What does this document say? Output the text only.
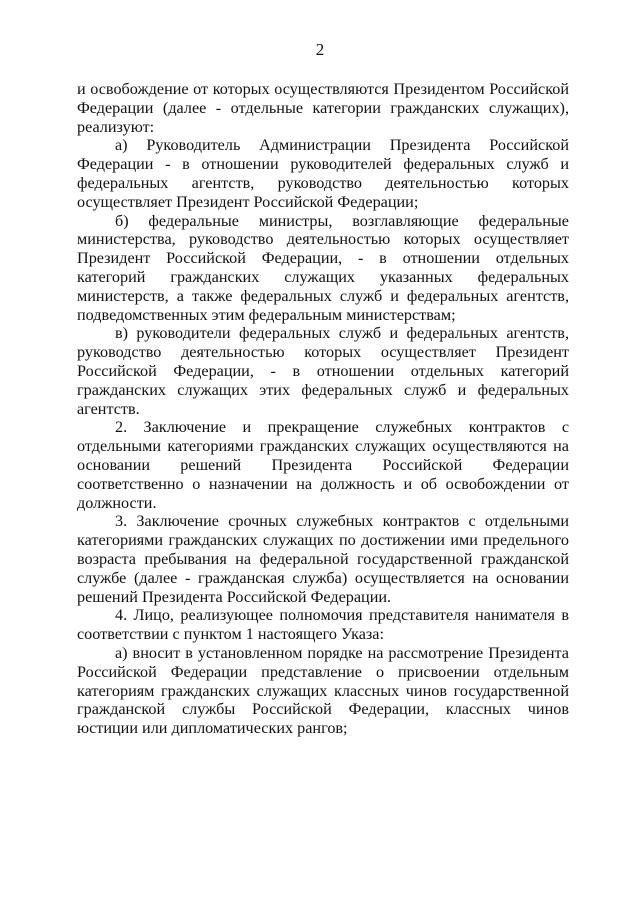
2

и освобождение от которых осуществляются Президентом Российской Федерации (далее - отдельные категории гражданских служащих), реализуют:

а) Руководитель Администрации Президента Российской Федерации - в отношении руководителей федеральных служб и федеральных агентств, руководство деятельностью которых осуществляет Президент Российской Федерации;

б) федеральные министры, возглавляющие федеральные министерства, руководство деятельностью которых осуществляет Президент Российской Федерации, - в отношении отдельных категорий гражданских служащих указанных федеральных министерств, а также федеральных служб и федеральных агентств, подведомственных этим федеральным министерствам;

в) руководители федеральных служб и федеральных агентств, руководство деятельностью которых осуществляет Президент Российской Федерации, - в отношении отдельных категорий гражданских служащих этих федеральных служб и федеральных агентств.

2. Заключение и прекращение служебных контрактов с отдельными категориями гражданских служащих осуществляются на основании решений Президента Российской Федерации соответственно о назначении на должность и об освобождении от должности.

3. Заключение срочных служебных контрактов с отдельными категориями гражданских служащих по достижении ими предельного возраста пребывания на федеральной государственной гражданской службе (далее - гражданская служба) осуществляется на основании решений Президента Российской Федерации.

4. Лицо, реализующее полномочия представителя нанимателя в соответствии с пунктом 1 настоящего Указа:

а) вносит в установленном порядке на рассмотрение Президента Российской Федерации представление о присвоении отдельным категориям гражданских служащих классных чинов государственной гражданской службы Российской Федерации, классных чинов юстиции или дипломатических рангов;
